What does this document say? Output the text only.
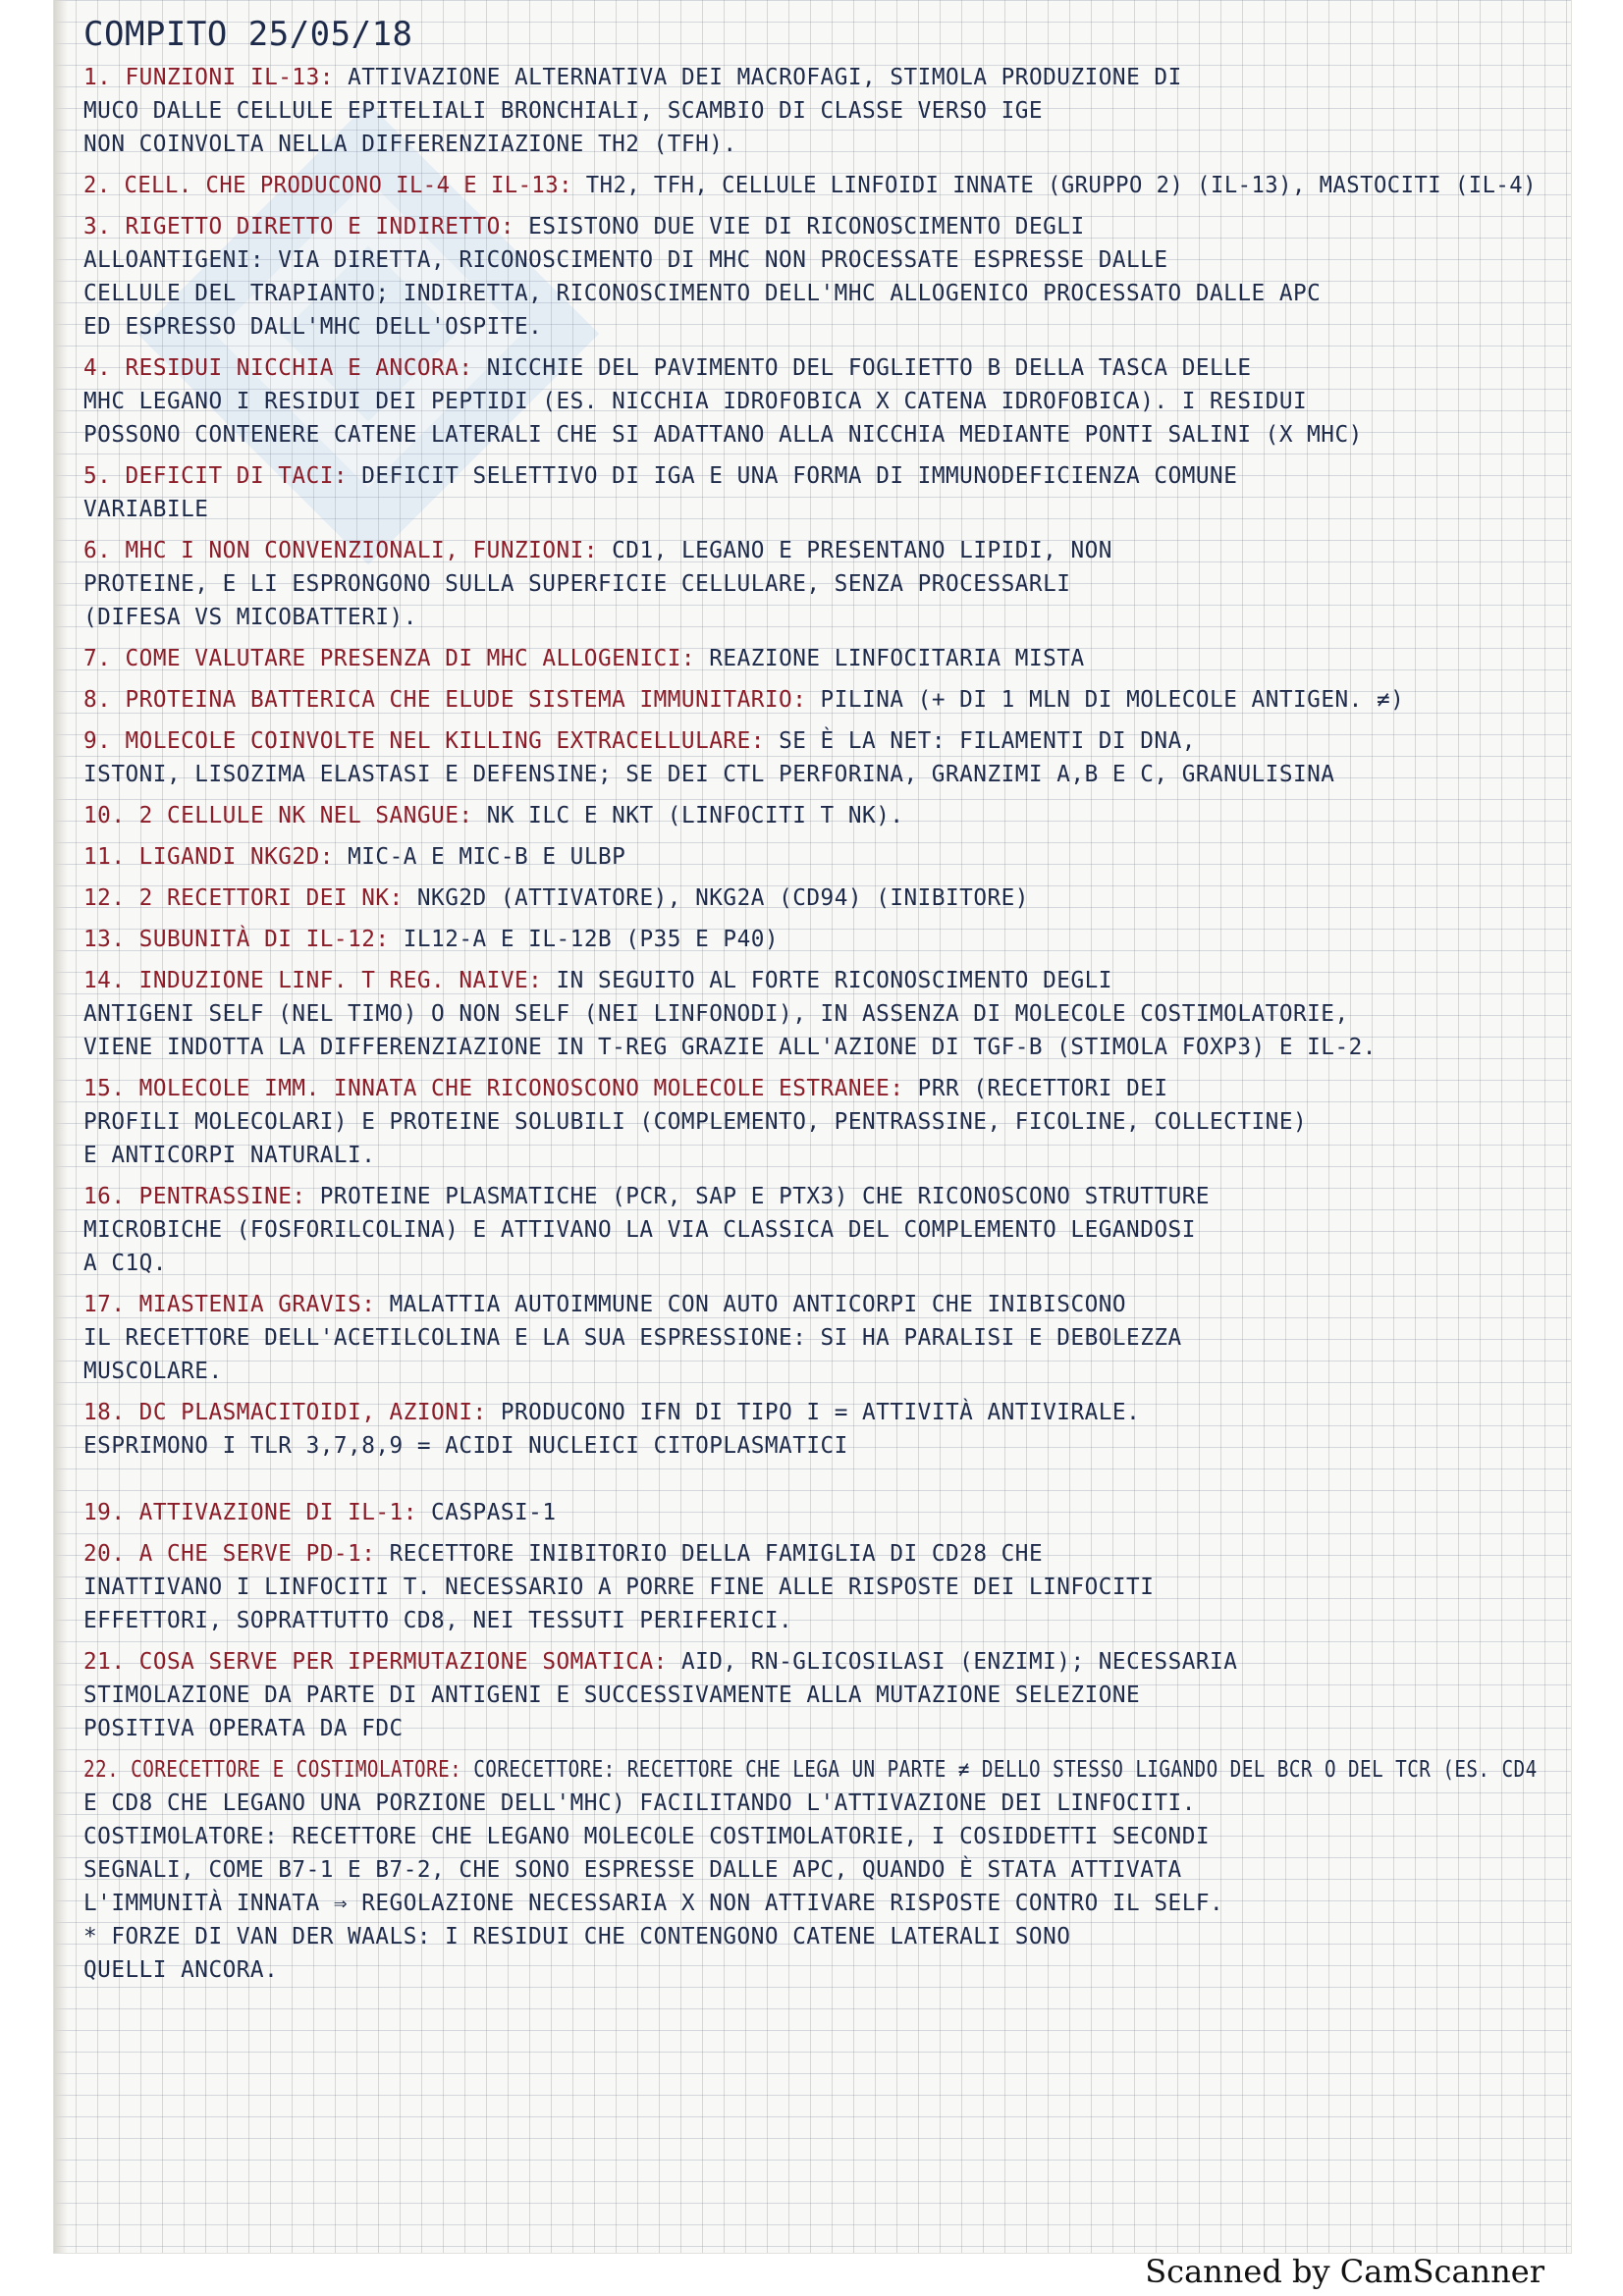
COMPITO 25/05/18
1. FUNZIONI IL-13: ATTIVAZIONE ALTERNATIVA DEI MACROFAGI, STIMOLA PRODUZIONE DI
MUCO DALLE CELLULE EPITELIALI BRONCHIALI, SCAMBIO DI CLASSE VERSO IGE
NON COINVOLTA NELLA DIFFERENZIAZIONE TH2 (TFH).
2. CELL. CHE PRODUCONO IL-4 E IL-13: TH2, TFH, CELLULE LINFOIDI INNATE (GRUPPO 2) (IL-13), MASTOCITI (IL-4)
3. RIGETTO DIRETTO E INDIRETTO: ESISTONO DUE VIE DI RICONOSCIMENTO DEGLI
ALLOANTIGENI: VIA DIRETTA, RICONOSCIMENTO DI MHC NON PROCESSATE ESPRESSE DALLE
CELLULE DEL TRAPIANTO; INDIRETTA, RICONOSCIMENTO DELL'MHC ALLOGENICO PROCESSATO DALLE APC
ED ESPRESSO DALL'MHC DELL'OSPITE.
4. RESIDUI NICCHIA E ANCORA: NICCHIE DEL PAVIMENTO DEL FOGLIETTO Β DELLA TASCA DELLE
MHC LEGANO I RESIDUI DEI PEPTIDI (ES. NICCHIA IDROFOBICA X CATENA IDROFOBICA). I RESIDUI
POSSONO CONTENERE CATENE LATERALI CHE SI ADATTANO ALLA NICCHIA MEDIANTE PONTI SALINI (X MHC)
5. DEFICIT DI TACI: DEFICIT SELETTIVO DI IGA E UNA FORMA DI IMMUNODEFICIENZA COMUNE
VARIABILE
6. MHC I NON CONVENZIONALI, FUNZIONI: CD1, LEGANO E PRESENTANO LIPIDI, NON
PROTEINE, E LI ESPRONGONO SULLA SUPERFICIE CELLULARE, SENZA PROCESSARLI
(DIFESA VS MICOBATTERI).
7. COME VALUTARE PRESENZA DI MHC ALLOGENICI: REAZIONE LINFOCITARIA MISTA
8. PROTEINA BATTERICA CHE ELUDE SISTEMA IMMUNITARIO: PILINA (+ DI 1 MLN DI MOLECOLE ANTIGEN. ≠)
9. MOLECOLE COINVOLTE NEL KILLING EXTRACELLULARE: SE È LA NET: FILAMENTI DI DNA,
ISTONI, LISOZIMA ELASTASI E DEFENSINE; SE DEI CTL PERFORINA, GRANZIMI A,B E C, GRANULISINA
10. 2 CELLULE NK NEL SANGUE: NK ILC E NKT (LINFOCITI T NK).
11. LIGANDI NKG2D: MIC-A E MIC-B E ULBP
12. 2 RECETTORI DEI NK: NKG2D (ATTIVATORE), NKG2A (CD94) (INIBITORE)
13. SUBUNITÀ DI IL-12: IL12-A E IL-12B (P35 E P40)
14. INDUZIONE LINF. T REG. NAIVE: IN SEGUITO AL FORTE RICONOSCIMENTO DEGLI
ANTIGENI SELF (NEL TIMO) O NON SELF (NEI LINFONODI), IN ASSENZA DI MOLECOLE COSTIMOLATORIE,
VIENE INDOTTA LA DIFFERENZIAZIONE IN T-REG GRAZIE ALL'AZIONE DI TGF-Β (STIMOLA FOXP3) E IL-2.
15. MOLECOLE IMM. INNATA CHE RICONOSCONO MOLECOLE ESTRANEE: PRR (RECETTORI DEI
PROFILI MOLECOLARI) E PROTEINE SOLUBILI (COMPLEMENTO, PENTRASSINE, FICOLINE, COLLECTINE)
E ANTICORPI NATURALI.
16. PENTRASSINE: PROTEINE PLASMATICHE (PCR, SAP E PTX3) CHE RICONOSCONO STRUTTURE
MICROBICHE (FOSFORILCOLINA) E ATTIVANO LA VIA CLASSICA DEL COMPLEMENTO LEGANDOSI
A C1Q.
17. MIASTENIA GRAVIS: MALATTIA AUTOIMMUNE CON AUTO ANTICORPI CHE INIBISCONO
IL RECETTORE DELL'ACETILCOLINA E LA SUA ESPRESSIONE: SI HA PARALISI E DEBOLEZZA
MUSCOLARE.
18. DC PLASMACITOIDI, AZIONI: PRODUCONO IFN DI TIPO I = ATTIVITÀ ANTIVIRALE.
ESPRIMONO I TLR 3,7,8,9 = ACIDI NUCLEICI CITOPLASMATICI
19. ATTIVAZIONE DI IL-1: CASPASI-1
20. A CHE SERVE PD-1: RECETTORE INIBITORIO DELLA FAMIGLIA DI CD28 CHE
INATTIVANO I LINFOCITI T. NECESSARIO A PORRE FINE ALLE RISPOSTE DEI LINFOCITI
EFFETTORI, SOPRATTUTTO CD8, NEI TESSUTI PERIFERICI.
21. COSA SERVE PER IPERMUTAZIONE SOMATICA: AID, RN-GLICOSILASI (ENZIMI); NECESSARIA
STIMOLAZIONE DA PARTE DI ANTIGENI E SUCCESSIVAMENTE ALLA MUTAZIONE SELEZIONE
POSITIVA OPERATA DA FDC
22. CORECETTORE E COSTIMOLATORE: CORECETTORE: RECETTORE CHE LEGA UN PARTE ≠ DELLO STESSO LIGANDO DEL BCR O DEL TCR (ES. CD4
E CD8 CHE LEGANO UNA PORZIONE DELL'MHC) FACILITANDO L'ATTIVAZIONE DEI LINFOCITI.
COSTIMOLATORE: RECETTORE CHE LEGANO MOLECOLE COSTIMOLATORIE, I COSIDDETTI SECONDI
SEGNALI, COME B7-1 E B7-2, CHE SONO ESPRESSE DALLE APC, QUANDO È STATA ATTIVATA
L'IMMUNITÀ INNATA ⇒ REGOLAZIONE NECESSARIA X NON ATTIVARE RISPOSTE CONTRO IL SELF.
* FORZE DI VAN DER WAALS: I RESIDUI CHE CONTENGONO CATENE LATERALI SONO
QUELLI ANCORA.
Scanned by CamScanner
